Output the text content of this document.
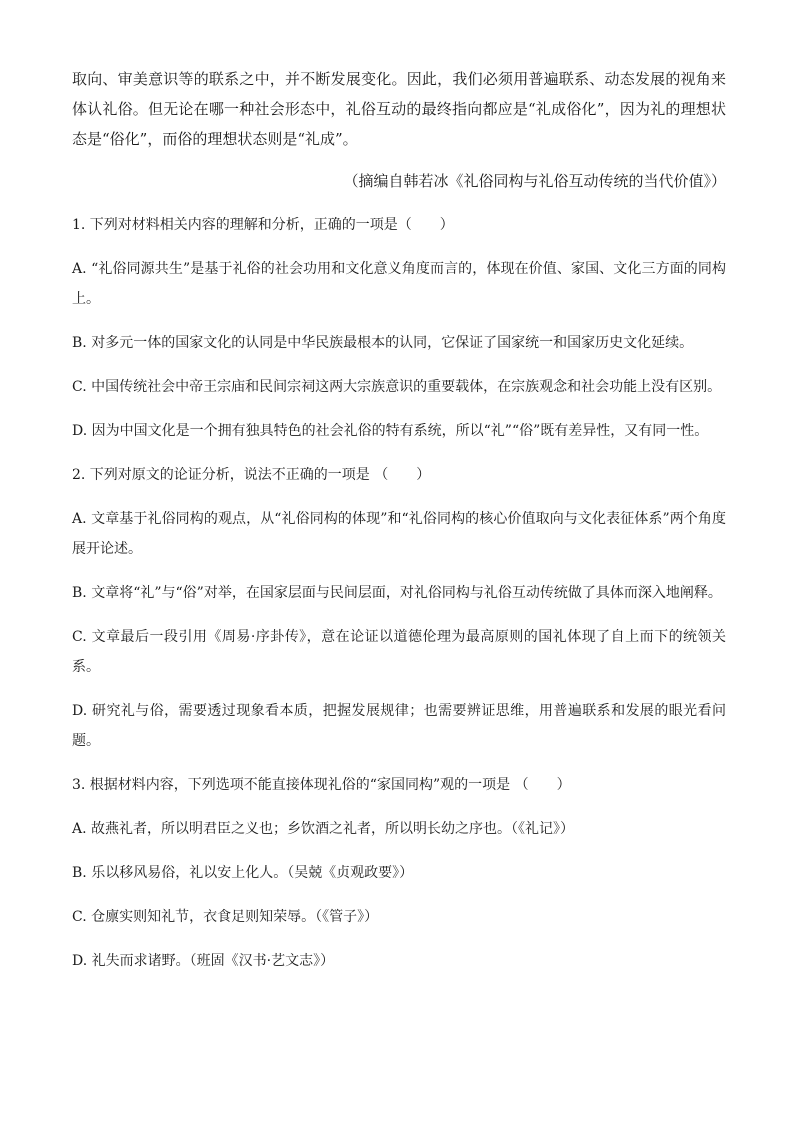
取向、审美意识等的联系之中，并不断发展变化。因此，我们必须用普遍联系、动态发展的视角来体认礼俗。但无论在哪一种社会形态中，礼俗互动的最终指向都应是“礼成俗化”，因为礼的理想状态是“俗化”，而俗的理想状态则是“礼成”。

（摘编自韩若冰《礼俗同构与礼俗互动传统的当代价值》）

1. 下列对材料相关内容的理解和分析，正确的一项是（　　）

A. “礼俗同源共生”是基于礼俗的社会功用和文化意义角度而言的，体现在价值、家国、文化三方面的同构上。

B. 对多元一体的国家文化的认同是中华民族最根本的认同，它保证了国家统一和国家历史文化延续。

C. 中国传统社会中帝王宗庙和民间宗祠这两大宗族意识的重要载体，在宗族观念和社会功能上没有区别。

D. 因为中国文化是一个拥有独具特色的社会礼俗的特有系统，所以“礼”“俗”既有差异性，又有同一性。

2. 下列对原文的论证分析，说法不正确的一项是 （　　）

A. 文章基于礼俗同构的观点，从“礼俗同构的体现”和“礼俗同构的核心价值取向与文化表征体系”两个角度展开论述。

B. 文章将“礼”与“俗”对举，在国家层面与民间层面，对礼俗同构与礼俗互动传统做了具体而深入地阐释。

C. 文章最后一段引用《周易·序卦传》，意在论证以道德伦理为最高原则的国礼体现了自上而下的统领关系。

D. 研究礼与俗，需要透过现象看本质，把握发展规律；也需要辨证思维，用普遍联系和发展的眼光看问题。

3. 根据材料内容，下列选项不能直接体现礼俗的“家国同构”观的一项是 （　　）

A. 故燕礼者，所以明君臣之义也；乡饮酒之礼者，所以明长幼之序也。（《礼记》）

B. 乐以移风易俗，礼以安上化人。（吴兢《贞观政要》）

C. 仓廪实则知礼节，衣食足则知荣辱。（《管子》）

D. 礼失而求诸野。（班固《汉书·艺文志》）
